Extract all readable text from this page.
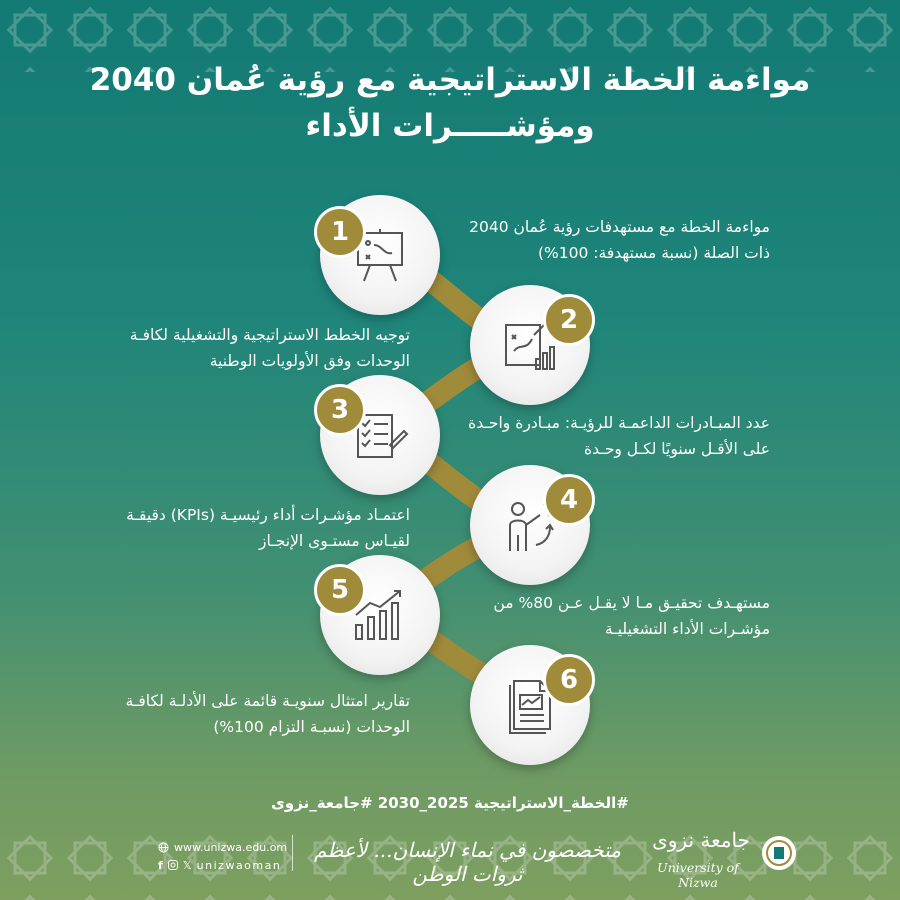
مواءمة الخطة الاستراتيجية مع رؤية عُمان 2040
ومؤشـــــرات الأداء
1
2
3
4
5
6
مواءمة الخطة مع مستهدفات رؤية عُمان 2040 ذات الصلة (نسبة مستهدفة: 100%)
توجيه الخطط الاستراتيجية والتشغيلية لكافـة الوحدات وفق الأولويات الوطنية
عدد المبـادرات الداعمـة للرؤيـة: مبـادرة واحـدة على الأقـل سنويًا لكـل وحـدة
اعتمـاد مؤشـرات أداء رئيسيـة (KPIs) دقيقـة لقيـاس مستـوى الإنجـاز
مستهـدف تحقيـق مـا لا يقـل عـن 80% من مؤشـرات الأداء التشغيليـة
تقارير امتثال سنويـة قائمة على الأدلـة لكافـة الوحدات (نسبـة التزام 100%)
#الخطة_الاستراتيجية 2025_2030 #جامعة_نزوى
www.unizwa.edu.om
f 𝕏 unizwaoman
متخصصون في نماء الإنسان... لأعظم ثروات الوطن
جامعة نزوى
University of Nizwa
